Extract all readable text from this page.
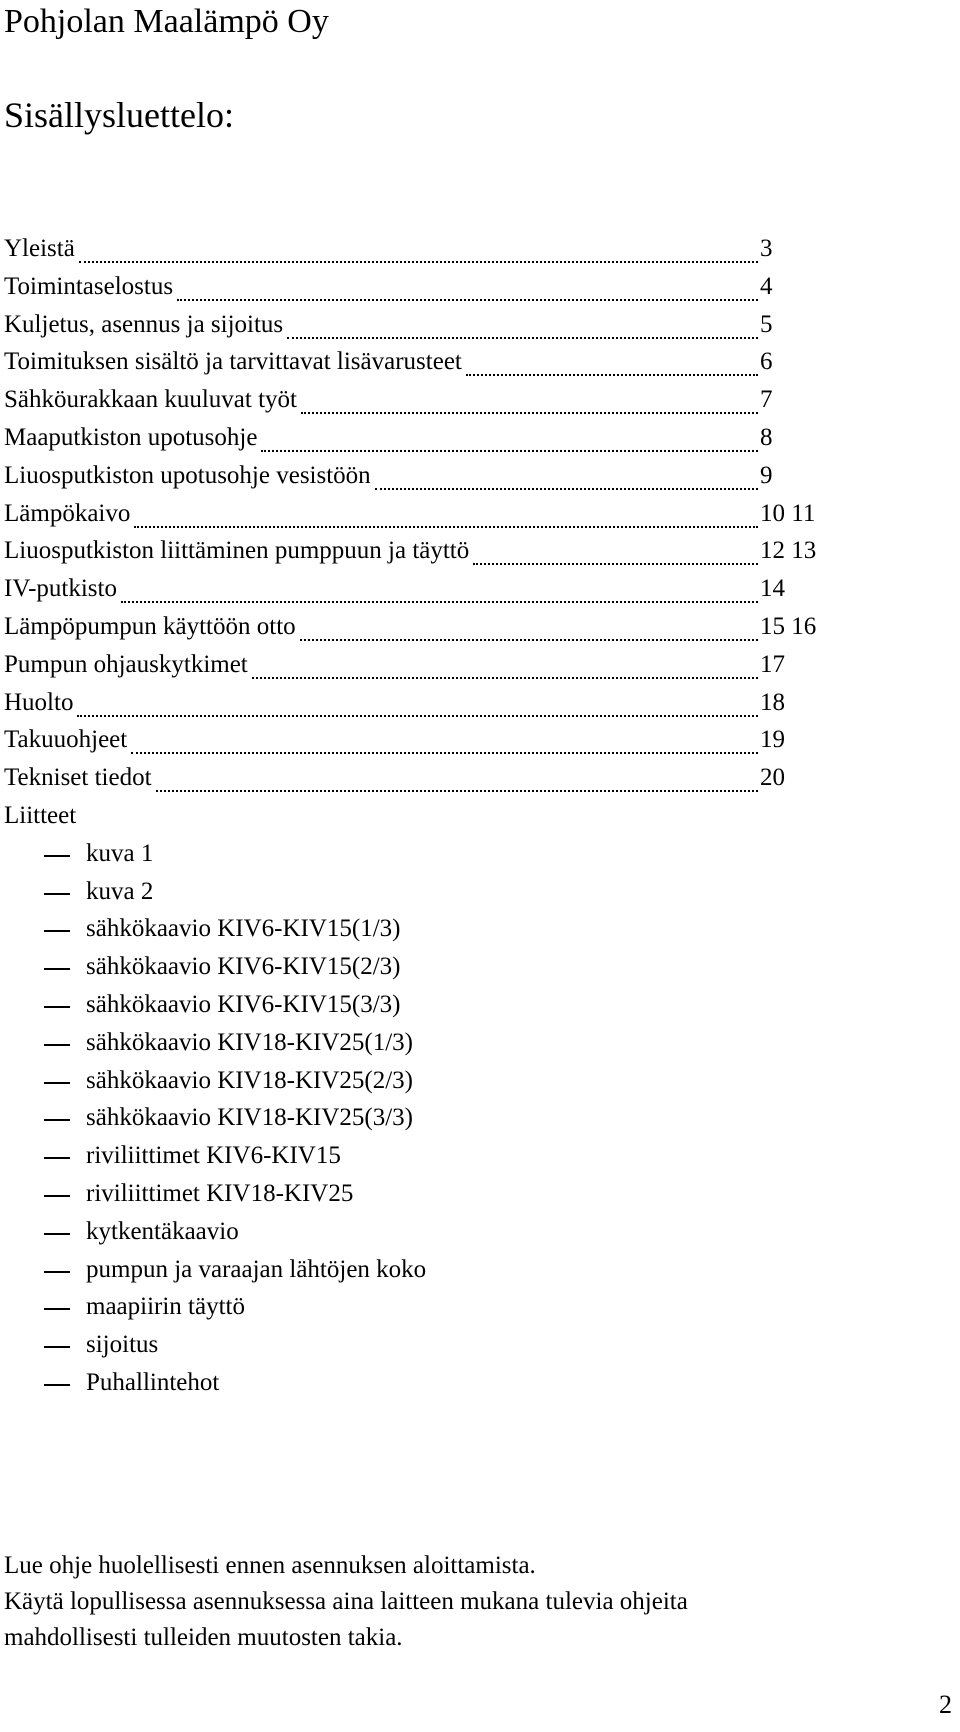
Pohjolan Maalämpö Oy
Sisällysluettelo:
Yleistä	3
Toimintaselostus	4
Kuljetus, asennus ja sijoitus	5
Toimituksen sisältö ja tarvittavat lisävarusteet	6
Sähköurakkaan kuuluvat työt	7
Maaputkiston upotusohje	8
Liuosputkiston upotusohje vesistöön	9
Lämpökaivo	10 11
Liuosputkiston liittäminen pumppuun ja täyttö	12 13
IV-putkisto	14
Lämpöpumpun käyttöön otto	15 16
Pumpun ohjauskytkimet	17
Huolto	18
Takuuohjeet	19
Tekniset tiedot	20
Liitteet
kuva 1
kuva 2
sähkökaavio KIV6-KIV15(1/3)
sähkökaavio KIV6-KIV15(2/3)
sähkökaavio KIV6-KIV15(3/3)
sähkökaavio KIV18-KIV25(1/3)
sähkökaavio KIV18-KIV25(2/3)
sähkökaavio KIV18-KIV25(3/3)
riviliittimet KIV6-KIV15
riviliittimet KIV18-KIV25
kytkentäkaavio
pumpun ja varaajan lähtöjen koko
maapiirin täyttö
sijoitus
Puhallintehot

Lue ohje huolellisesti ennen asennuksen aloittamista.

Käytä lopullisessa asennuksessa aina laitteen mukana tulevia ohjeita

mahdollisesti tulleiden muutosten takia.

2
